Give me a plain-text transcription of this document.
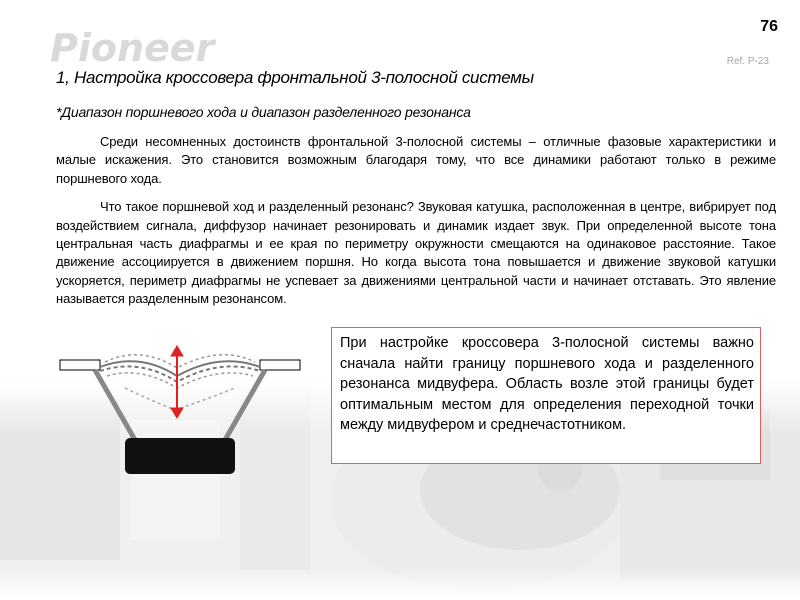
Pioneer	76
Ref. P-23
1, Настройка кроссовера фронтальной 3-полосной системы
*Диапазон поршневого хода и диапазон разделенного резонанса

Среди несомненных достоинств фронтальной 3-полосной системы – отличные фазовые характеристики и малые искажения. Это становится возможным благодаря тому, что все динамики работают только в режиме поршневого хода.

Что такое поршневой ход и разделенный резонанс? Звуковая катушка, расположенная в центре, вибрирует под воздействием сигнала, диффузор начинает резонировать и динамик издает звук. При определенной высоте тона центральная часть диафрагмы и ее края по периметру окружности смещаются на одинаковое расстояние. Такое движение ассоциируется в движением поршня. Но когда высота тона повышается и движение звуковой катушки ускоряется, периметр диафрагмы не успевает за движениями центральной части и начинает отставать. Это явление называется разделенным резонансом.

При настройке кроссовера 3-полосной системы важно сначала найти границу поршневого хода и разделенного резонанса мидвуфера. Область возле этой границы будет оптимальным местом для определения переходной точки между мидвуфером и среднечастотником.
